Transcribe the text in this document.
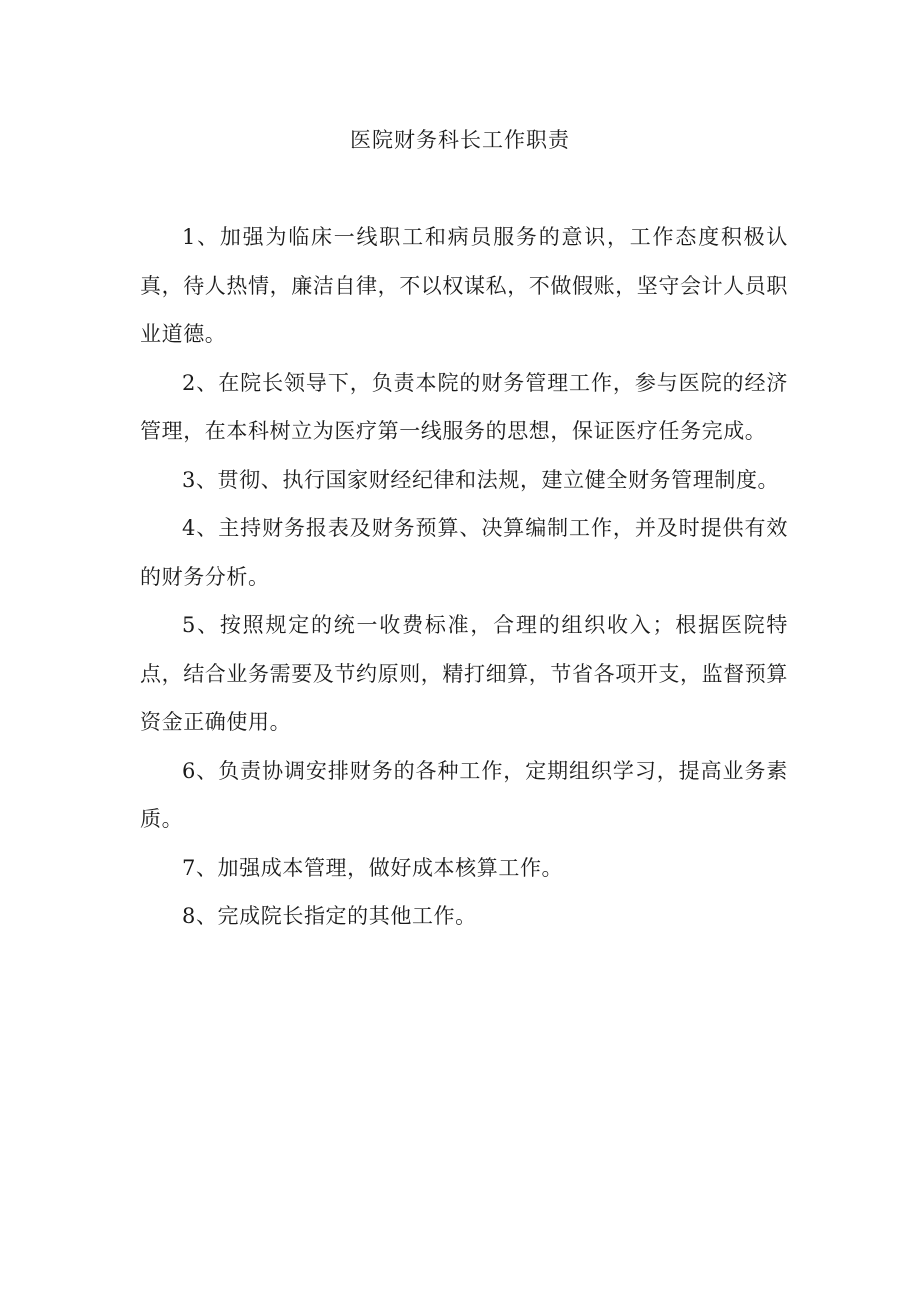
医院财务科长工作职责

1、加强为临床一线职工和病员服务的意识，工作态度积极认真，待人热情，廉洁自律，不以权谋私，不做假账，坚守会计人员职业道德。

2、在院长领导下，负责本院的财务管理工作，参与医院的经济管理，在本科树立为医疗第一线服务的思想，保证医疗任务完成。

3、贯彻、执行国家财经纪律和法规，建立健全财务管理制度。

4、主持财务报表及财务预算、决算编制工作，并及时提供有效的财务分析。

5、按照规定的统一收费标准，合理的组织收入；根据医院特点，结合业务需要及节约原则，精打细算，节省各项开支，监督预算资金正确使用。

6、负责协调安排财务的各种工作，定期组织学习，提高业务素质。

7、加强成本管理，做好成本核算工作。

8、完成院长指定的其他工作。
